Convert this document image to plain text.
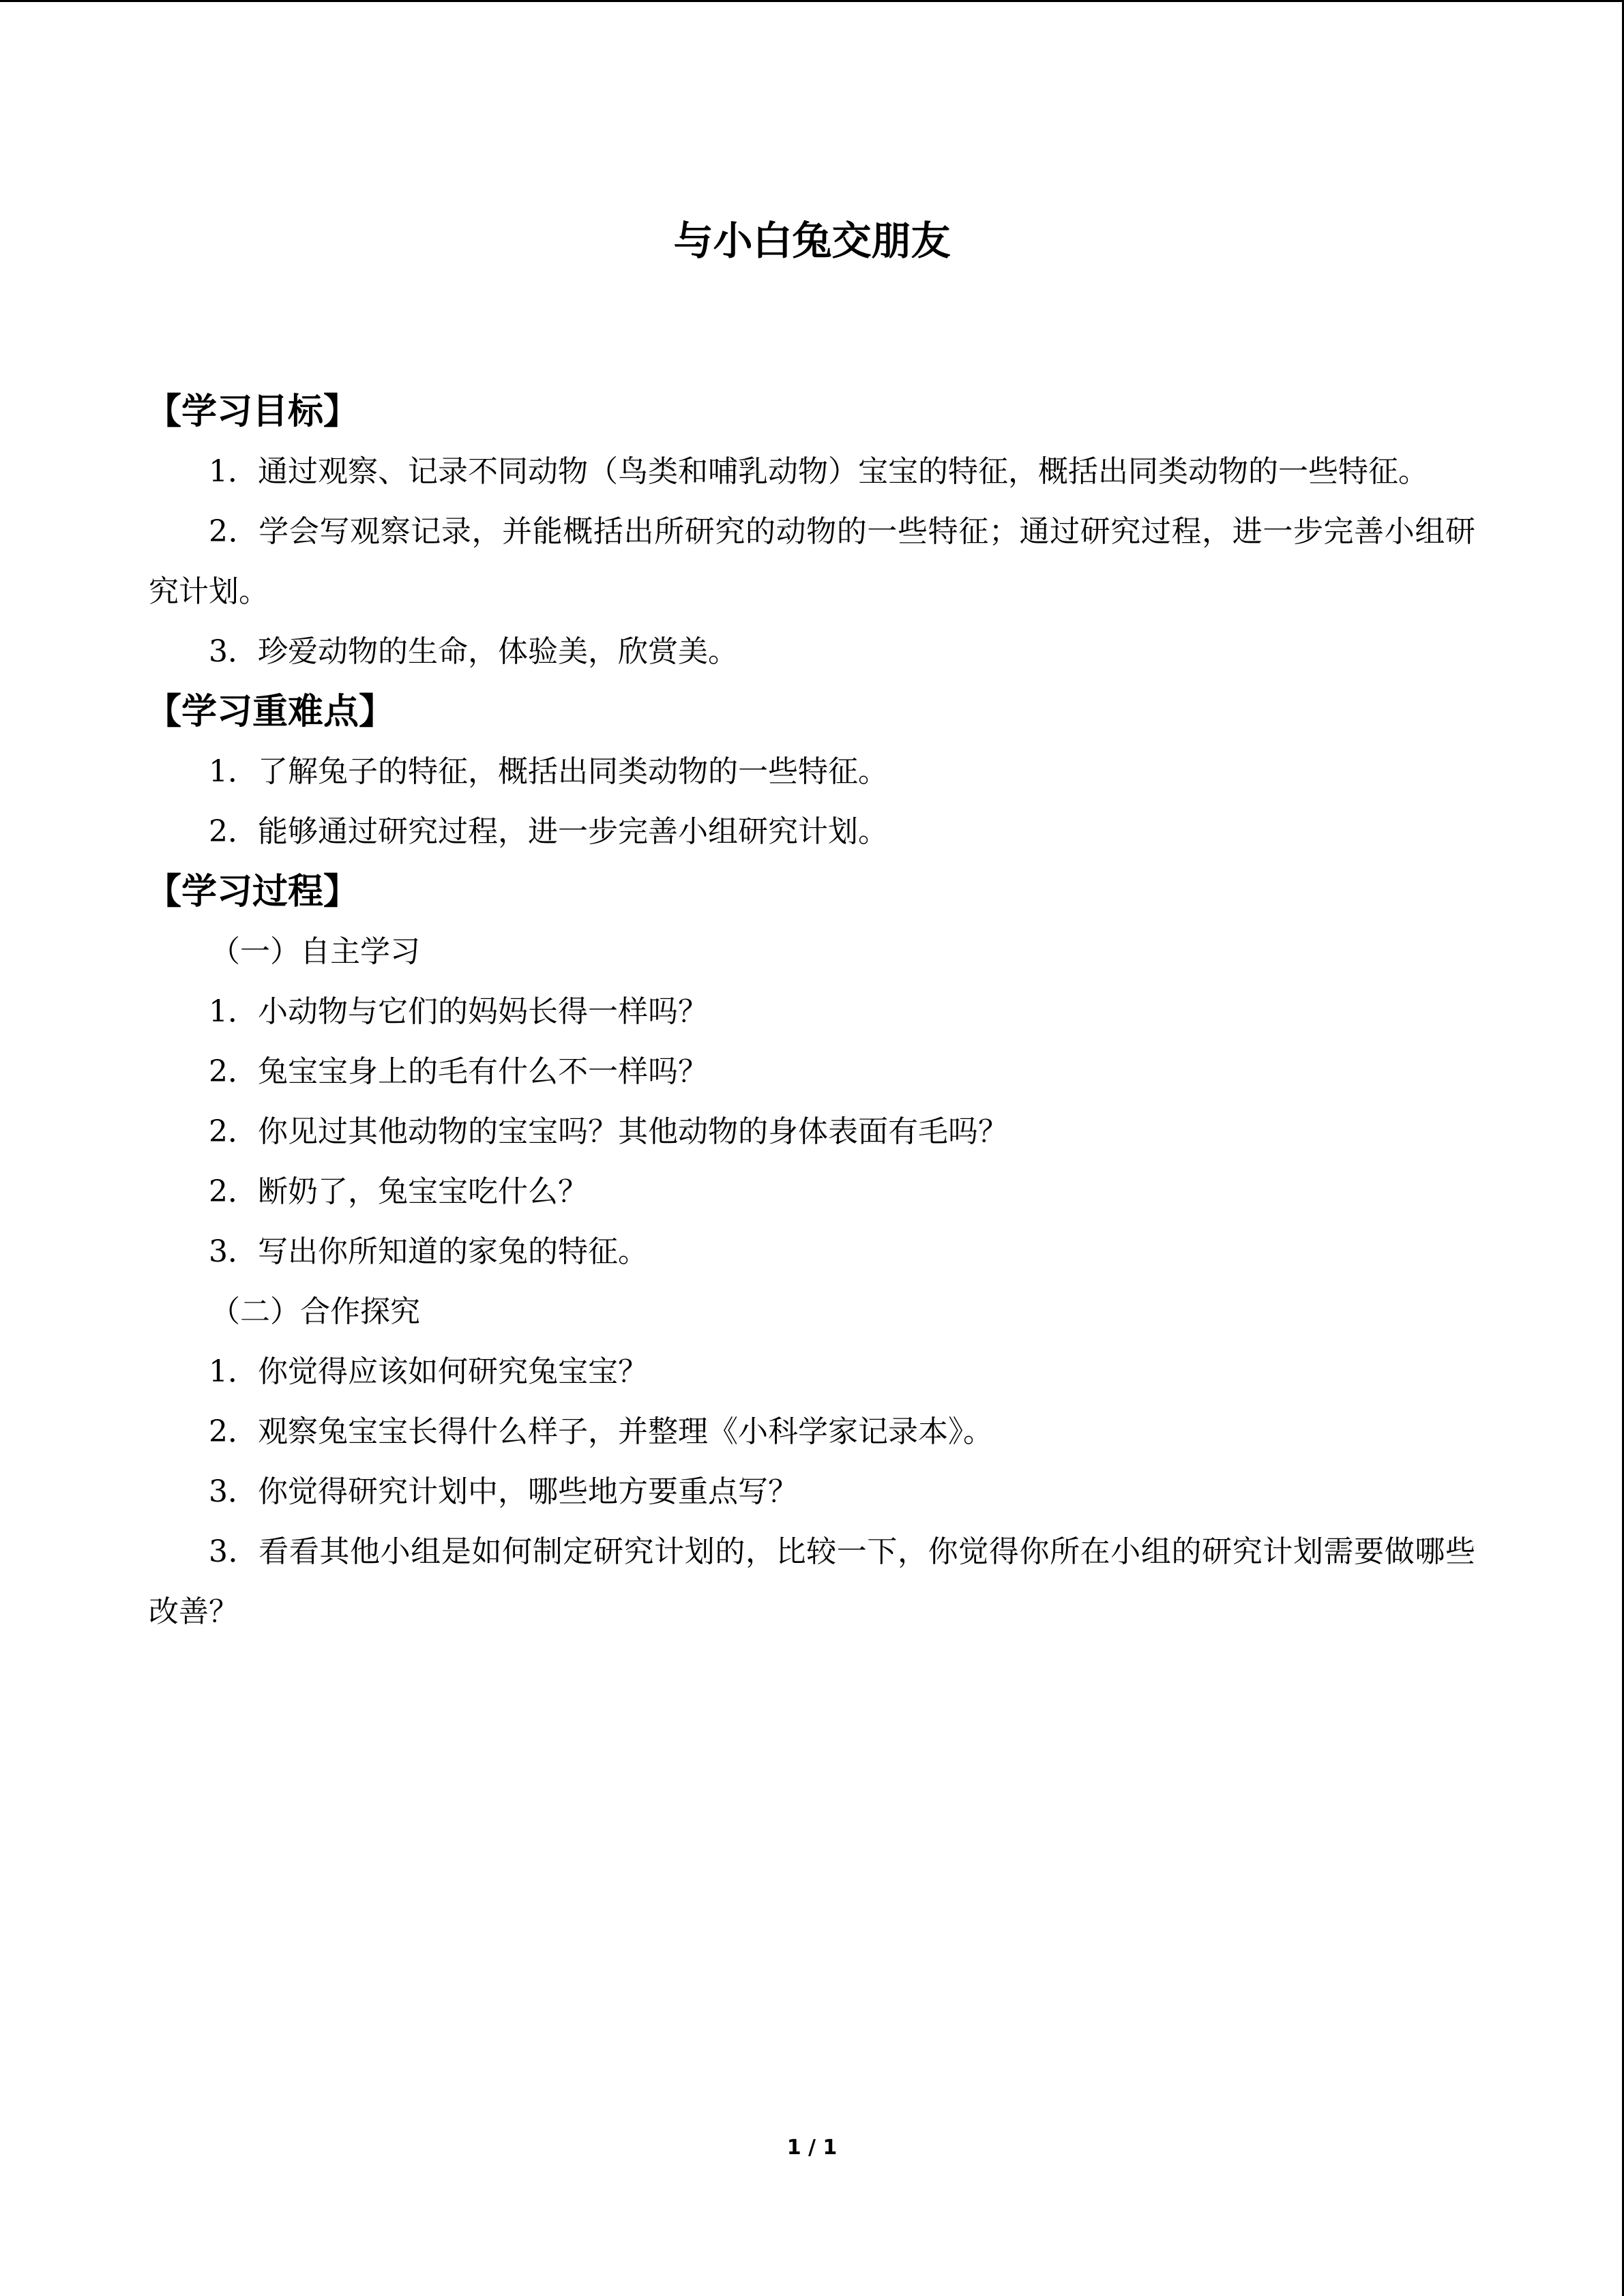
与小白兔交朋友
【学习目标】

1．通过观察、记录不同动物（鸟类和哺乳动物）宝宝的特征，概括出同类动物的一些特征。

2．学会写观察记录，并能概括出所研究的动物的一些特征；通过研究过程，进一步完善小组研究计划。

3．珍爱动物的生命，体验美，欣赏美。

【学习重难点】

1．了解兔子的特征，概括出同类动物的一些特征。

2．能够通过研究过程，进一步完善小组研究计划。

【学习过程】

（一）自主学习

1．小动物与它们的妈妈长得一样吗？

2．兔宝宝身上的毛有什么不一样吗？

2．你见过其他动物的宝宝吗？其他动物的身体表面有毛吗？

2．断奶了，兔宝宝吃什么？

3．写出你所知道的家兔的特征。

（二）合作探究

1．你觉得应该如何研究兔宝宝？

2．观察兔宝宝长得什么样子，并整理《小科学家记录本》。

3．你觉得研究计划中，哪些地方要重点写？

3．看看其他小组是如何制定研究计划的，比较一下，你觉得你所在小组的研究计划需要做哪些改善？

1 / 1
